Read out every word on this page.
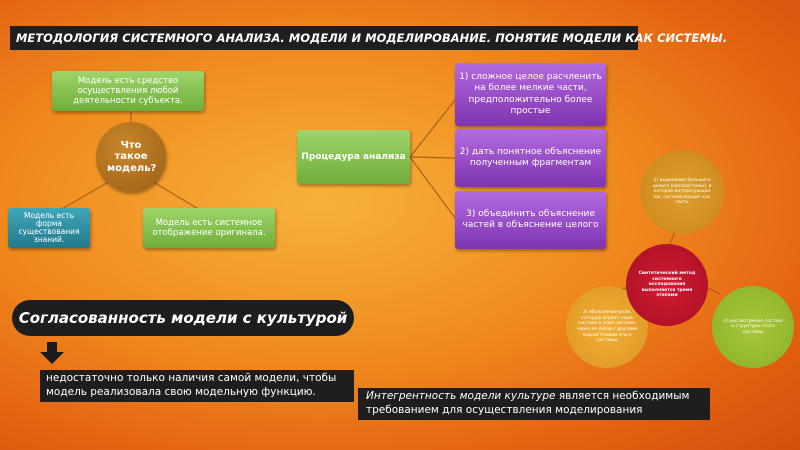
МЕТОДОЛОГИЯ СИСТЕМНОГО АНАЛИЗА. МОДЕЛИ И МОДЕЛИРОВАНИЕ. ПОНЯТИЕ МОДЕЛИ КАК СИСТЕМЫ.
Модель есть средство осуществления любой деятельности субъекта.
Что такое модель?
Модель есть форма существования знаний.
Модель есть системное отображение оригинала.
Процедура анализа
1) сложное целое расчленить на более мелкие части, предположительно более простые
2) дать понятное объяснение полученным фрагментам
3) объединить объяснение частей в объяснение целого
1) выделение большего целого (метасистемы), в которое интересующая нас система входит как часть
3) объяснение роли, которую играет наша система в этом системе, через ее связи с другими подсистемами этого системы
2) рассмотрение состава и структуры этого системы
Синтетический метод системного исследования выполняется тремя этапами
Согласованность модели с культурой
недостаточно только наличия самой модели, чтобы модель реализовала свою модельную функцию.	Интегрентность модели культуре является необходимым требованием для осуществления моделирования
